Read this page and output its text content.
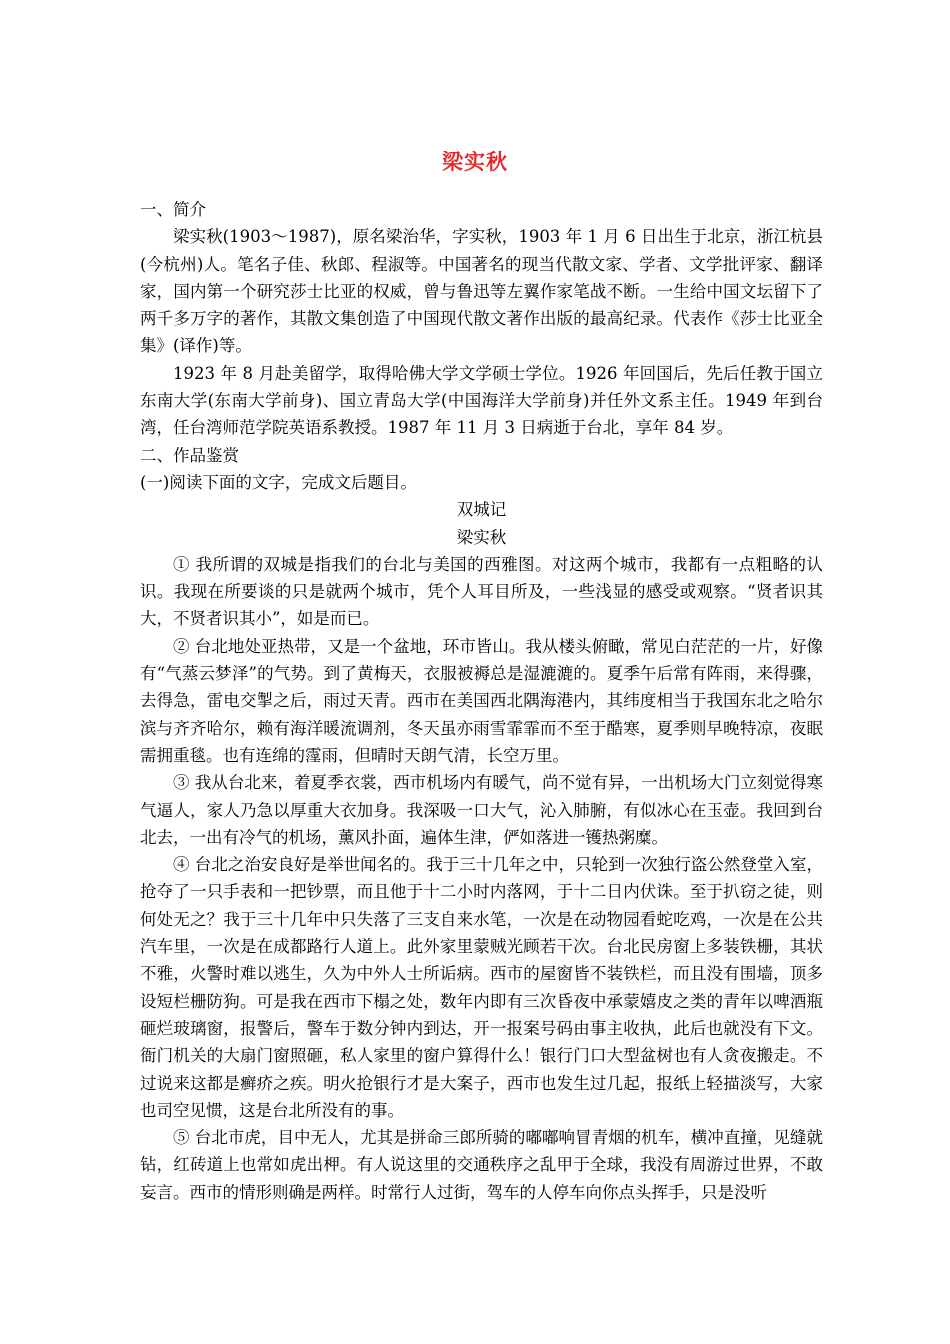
梁实秋

一、简介

梁实秋(1903～1987)，原名梁治华，字实秋，1903 年 1 月 6 日出生于北京，浙江杭县(今杭州)人。笔名子佳、秋郎、程淑等。中国著名的现当代散文家、学者、文学批评家、翻译家，国内第一个研究莎士比亚的权威，曾与鲁迅等左翼作家笔战不断。一生给中国文坛留下了两千多万字的著作，其散文集创造了中国现代散文著作出版的最高纪录。代表作《莎士比亚全集》(译作)等。

1923 年 8 月赴美留学，取得哈佛大学文学硕士学位。1926 年回国后，先后任教于国立东南大学(东南大学前身)、国立青岛大学(中国海洋大学前身)并任外文系主任。1949 年到台湾，任台湾师范学院英语系教授。1987 年 11 月 3 日病逝于台北，享年 84 岁。

二、作品鉴赏

(一)阅读下面的文字，完成文后题目。

双城记

梁实秋

① 我所谓的双城是指我们的台北与美国的西雅图。对这两个城市，我都有一点粗略的认识。我现在所要谈的只是就两个城市，凭个人耳目所及，一些浅显的感受或观察。“贤者识其大，不贤者识其小”，如是而已。

② 台北地处亚热带，又是一个盆地，环市皆山。我从楼头俯瞰，常见白茫茫的一片，好像有“气蒸云梦泽”的气势。到了黄梅天，衣服被褥总是湿漉漉的。夏季午后常有阵雨，来得骤，去得急，雷电交掣之后，雨过天青。西市在美国西北隅海港内，其纬度相当于我国东北之哈尔滨与齐齐哈尔，赖有海洋暖流调剂，冬天虽亦雨雪霏霏而不至于酷寒，夏季则早晚特凉，夜眠需拥重毯。也有连绵的霪雨，但晴时天朗气清，长空万里。

③ 我从台北来，着夏季衣裳，西市机场内有暖气，尚不觉有异，一出机场大门立刻觉得寒气逼人，家人乃急以厚重大衣加身。我深吸一口大气，沁入肺腑，有似冰心在玉壶。我回到台北去，一出有冷气的机场，薰风扑面，遍体生津，俨如落进一镬热粥糜。

④ 台北之治安良好是举世闻名的。我于三十几年之中，只轮到一次独行盗公然登堂入室，抢夺了一只手表和一把钞票，而且他于十二小时内落网，于十二日内伏诛。至于扒窃之徒，则何处无之？我于三十几年中只失落了三支自来水笔，一次是在动物园看蛇吃鸡，一次是在公共汽车里，一次是在成都路行人道上。此外家里蒙贼光顾若干次。台北民房窗上多装铁栅，其状不雅，火警时难以逃生，久为中外人士所诟病。西市的屋窗皆不装铁栏，而且没有围墙，顶多设短栏栅防狗。可是我在西市下榻之处，数年内即有三次昏夜中承蒙嬉皮之类的青年以啤酒瓶砸烂玻璃窗，报警后，警车于数分钟内到达，开一报案号码由事主收执，此后也就没有下文。衙门机关的大扇门窗照砸，私人家里的窗户算得什么！银行门口大型盆树也有人贪夜搬走。不过说来这都是癣疥之疾。明火抢银行才是大案子，西市也发生过几起，报纸上轻描淡写，大家也司空见惯，这是台北所没有的事。

⑤ 台北市虎，目中无人，尤其是拼命三郎所骑的嘟嘟响冒青烟的机车，横冲直撞，见缝就钻，红砖道上也常如虎出柙。有人说这里的交通秩序之乱甲于全球，我没有周游过世界，不敢妄言。西市的情形则确是两样。时常行人过街，驾车的人停车向你点头挥手，只是没听
